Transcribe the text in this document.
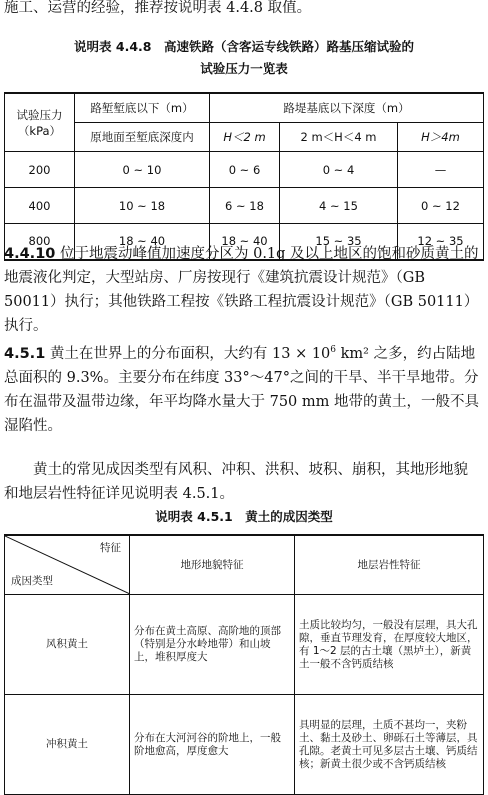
施工、运营的经验，推荐按说明表 4.4.8 取值。

说明表 4.4.8　高速铁路（含客运专线铁路）路基压缩试验的
试验压力一览表
试验压力
（kPa）	路堑堑底以下（m）	路堤基底以下深度（m）		
	原地面至堑底深度内	H＜2 m	2 m＜H＜4 m	H＞4m
200	0 ~ 10	0 ~ 6	0 ~ 4	—
400	10 ~ 18	6 ~ 18	4 ~ 15	0 ~ 12
800	18 ~ 40	18 ~ 40	15 ~ 35	12 ~ 35

4.4.10 位于地震动峰值加速度分区为 0.1g 及以上地区的饱和砂质黄土的地震液化判定，大型站房、厂房按现行《建筑抗震设计规范》（GB 50011）执行；其他铁路工程按《铁路工程抗震设计规范》（GB 50111）执行。

4.5.1 黄土在世界上的分布面积，大约有 $13 \times 10^6$ km² 之多，约占陆地总面积的 9.3%。主要分布在纬度 33°～47°之间的干旱、半干旱地带。分布在温带及温带边缘，年平均降水量大于 750 mm 地带的黄土，一般不具湿陷性。

黄土的常见成因类型有风积、冲积、洪积、坡积、崩积，其地形地貌和地层岩性特征详见说明表 4.5.1。

说明表 4.5.1　黄土的成因类型
特征
成因类型	地形地貌特征	地层岩性特征
风积黄土	分布在黄土高原、高阶地的顶部（特别是分水岭地带）和山坡上，堆积厚度大	土质比较均匀，一般没有层理，具大孔隙，垂直节理发育，在厚度较大地区，有 1～2 层的古土壤（黑垆土），新黄土一般不含钙质结核
冲积黄土	分布在大河河谷的阶地上，一般阶地愈高，厚度愈大	具明显的层理，土质不甚均一，夹粉土、黏土及砂土、卵砾石土等薄层，具孔隙。老黄土可见多层古土壤、钙质结核；新黄土很少或不含钙质结核
